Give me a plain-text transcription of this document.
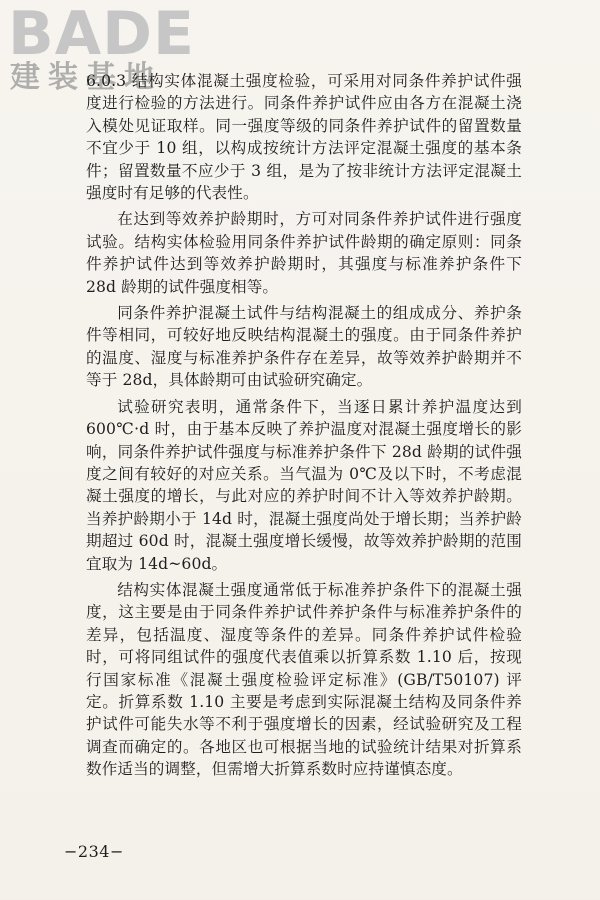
BADE
建装基地

6.0.3 结构实体混凝土强度检验，可采用对同条件养护试件强度进行检验的方法进行。同条件养护试件应由各方在混凝土浇入模处见证取样。同一强度等级的同条件养护试件的留置数量不宜少于 10 组，以构成按统计方法评定混凝土强度的基本条件；留置数量不应少于 3 组，是为了按非统计方法评定混凝土强度时有足够的代表性。

在达到等效养护龄期时，方可对同条件养护试件进行强度试验。结构实体检验用同条件养护试件龄期的确定原则：同条件养护试件达到等效养护龄期时，其强度与标准养护条件下 28d 龄期的试件强度相等。

同条件养护混凝土试件与结构混凝土的组成成分、养护条件等相同，可较好地反映结构混凝土的强度。由于同条件养护的温度、湿度与标准养护条件存在差异，故等效养护龄期并不等于 28d，具体龄期可由试验研究确定。

试验研究表明，通常条件下，当逐日累计养护温度达到 600℃·d 时，由于基本反映了养护温度对混凝土强度增长的影响，同条件养护试件强度与标准养护条件下 28d 龄期的试件强度之间有较好的对应关系。当气温为 0℃及以下时，不考虑混凝土强度的增长，与此对应的养护时间不计入等效养护龄期。当养护龄期小于 14d 时，混凝土强度尚处于增长期；当养护龄期超过 60d 时，混凝土强度增长缓慢，故等效养护龄期的范围宜取为 14d~60d。

结构实体混凝土强度通常低于标准养护条件下的混凝土强度，这主要是由于同条件养护试件养护条件与标准养护条件的差异，包括温度、湿度等条件的差异。同条件养护试件检验时，可将同组试件的强度代表值乘以折算系数 1.10 后，按现行国家标准《混凝土强度检验评定标准》(GB/T50107) 评定。折算系数 1.10 主要是考虑到实际混凝土结构及同条件养护试件可能失水等不利于强度增长的因素，经试验研究及工程调查而确定的。各地区也可根据当地的试验统计结果对折算系数作适当的调整，但需增大折算系数时应持谨慎态度。

−234−
